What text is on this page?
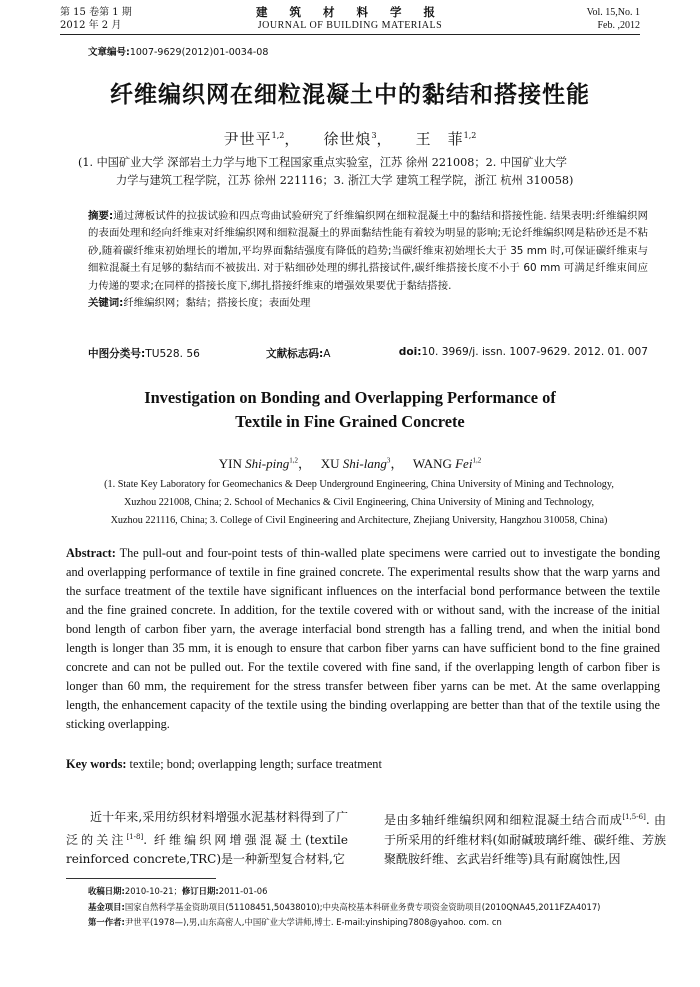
第 15 卷第 1 期
2012 年 2 月
建 筑 材 料 学 报
JOURNAL OF BUILDING MATERIALS
Vol. 15,No. 1
Feb. ,2012
文章编号:1007-9629(2012)01-0034-08
纤维编织网在细粒混凝土中的黏结和搭接性能
尹世平$^{1,2}$， 徐世烺$^3$， 王　菲$^{1,2}$
(1. 中国矿业大学 深部岩土力学与地下工程国家重点实验室，江苏 徐州 221008；2. 中国矿业大学
力学与建筑工程学院，江苏 徐州 221116；3. 浙江大学 建筑工程学院，浙江 杭州 310058)
摘要:通过薄板试件的拉拔试验和四点弯曲试验研究了纤维编织网在细粒混凝土中的黏结和搭接性能. 结果表明:纤维编织网的表面处理和经向纤维束对纤维编织网和细粒混凝土的界面黏结性能有着较为明显的影响;无论纤维编织网是粘砂还是不粘砂,随着碳纤维束初始埋长的增加,平均界面黏结强度有降低的趋势;当碳纤维束初始埋长大于 35 mm 时,可保证碳纤维束与细粒混凝土有足够的黏结而不被拔出. 对于粘细砂处理的绑扎搭接试件,碳纤维搭接长度不小于 60 mm 可满足纤维束间应力传递的要求;在同样的搭接长度下,绑扎搭接纤维束的增强效果要优于黏结搭接.
关键词:纤维编织网；黏结；搭接长度；表面处理
中图分类号:TU528. 56	文献标志码:A	doi:10. 3969/j. issn. 1007-9629. 2012. 01. 007
Investigation on Bonding and Overlapping Performance of
Textile in Fine Grained Concrete
YIN Shi-ping$^{1,2}$， XU Shi-lang$^3$， WANG Fei$^{1,2}$
(1. State Key Laboratory for Geomechanics & Deep Underground Engineering, China University of Mining and Technology,
Xuzhou 221008, China; 2. School of Mechanics & Civil Engineering, China University of Mining and Technology,
Xuzhou 221116, China; 3. College of Civil Engineering and Architecture, Zhejiang University, Hangzhou 310058, China)
Abstract: The pull-out and four-point tests of thin-walled plate specimens were carried out to investigate the bonding and overlapping performance of textile in fine grained concrete. The experimental results show that the warp yarns and the surface treatment of the textile have significant influences on the interfacial bond performance between the textile and the fine grained concrete. In addition, for the textile covered with or without sand, with the increase of the initial bond length of carbon fiber yarn, the average interfacial bond strength has a falling trend, and when the initial bond length is longer than 35 mm, it is enough to ensure that carbon fiber yarns can have sufficient bond to the fine grained concrete and can not be pulled out. For the textile covered with fine sand, if the overlapping length of carbon fiber is longer than 60 mm, the requirement for the stress transfer between fiber yarns can be met. At the same overlapping length, the enhancement capacity of the textile using the binding overlapping are better than that of the textile using the sticking overlapping.
Key words: textile; bond; overlapping length; surface treatment
近十年来,采用纺织材料增强水泥基材料得到了广泛的关注[1-8]. 纤维编织网增强混凝土(textile reinforced concrete,TRC)是一种新型复合材料,它
是由多轴纤维编织网和细粒混凝土结合而成[1,5-6]. 由于所采用的纤维材料(如耐碱玻璃纤维、碳纤维、芳族聚酰胺纤维、玄武岩纤维等)具有耐腐蚀性,因
收稿日期:2010-10-21；修订日期:2011-01-06
基金项目:国家自然科学基金资助项目(51108451,50438010);中央高校基本科研业务费专项资金资助项目(2010QNA45,2011FZA4017)
第一作者:尹世平(1978—),男,山东高密人,中国矿业大学讲师,博士. E-mail:yinshiping7808@yahoo. com. cn
